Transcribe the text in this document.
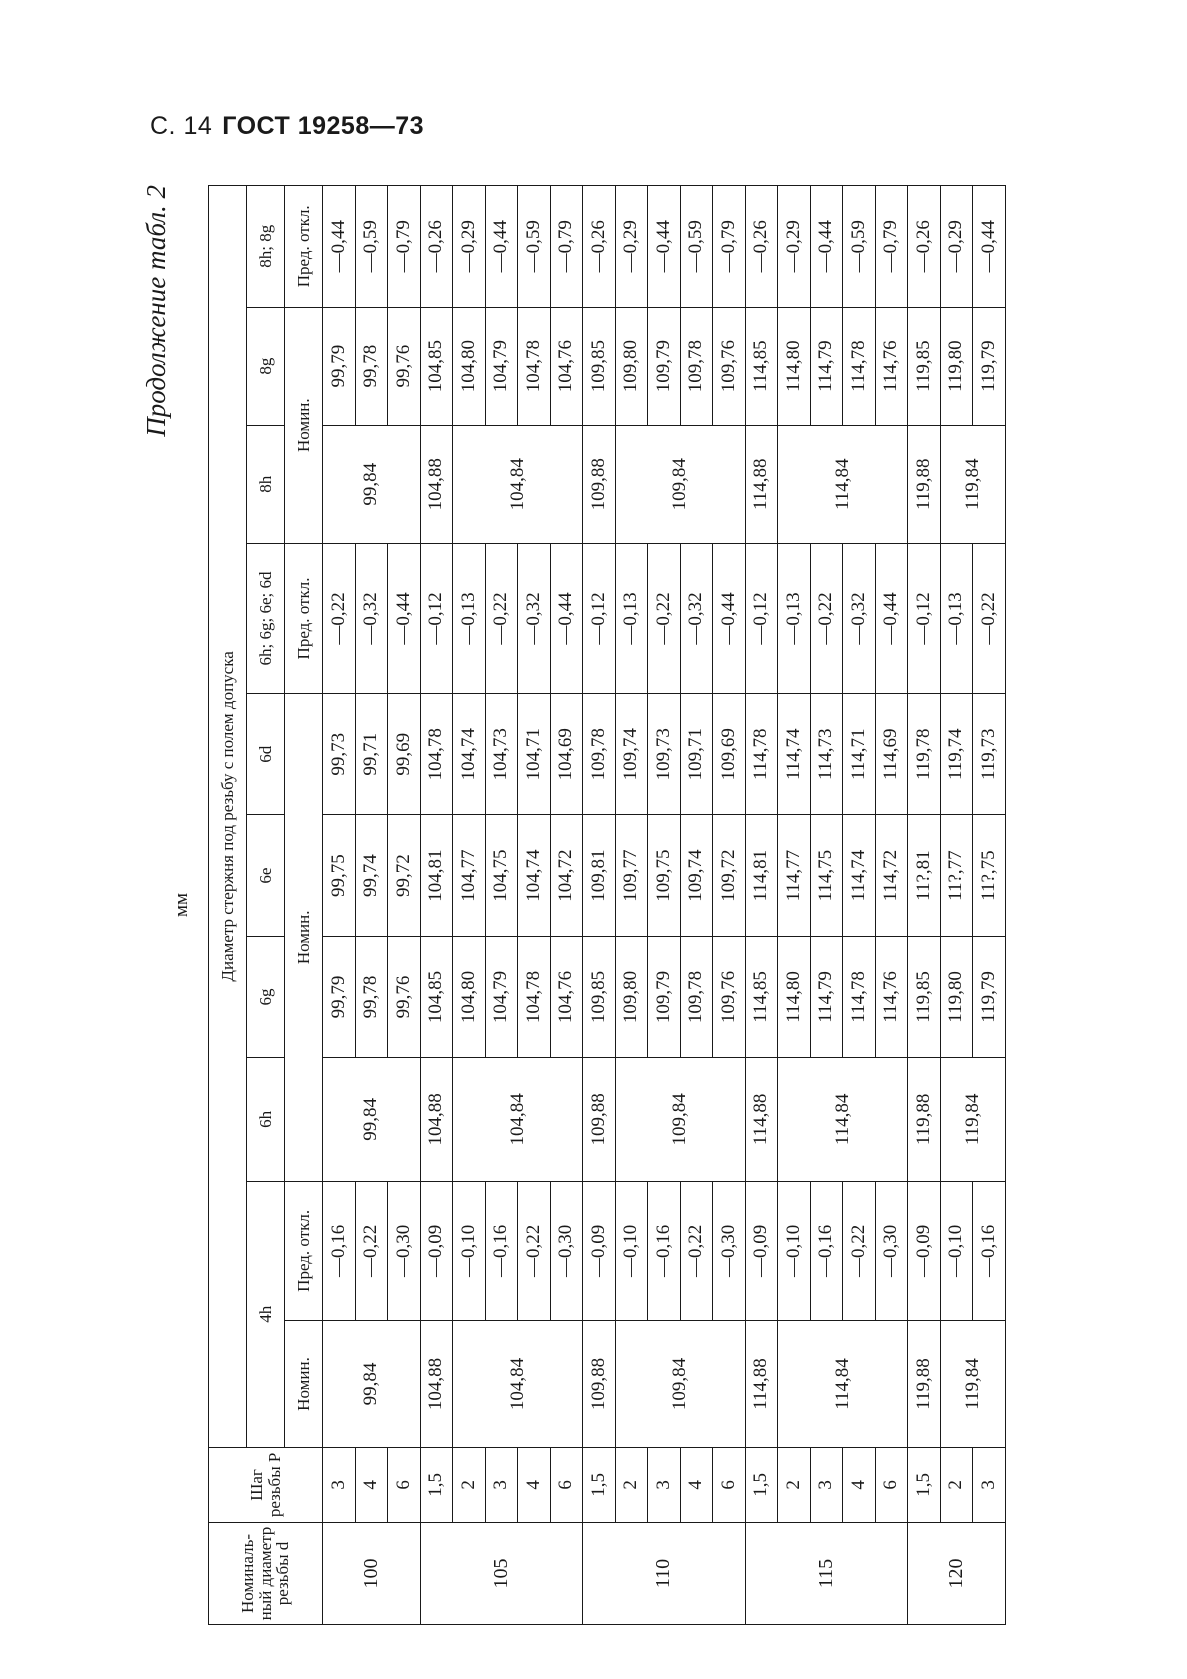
С. 14 ГОСТ 19258—73
Продолжение табл. 2
мм
Номиналь-ный диаметр резьбы d	Шаг резьбы P	Диаметр стержня под резьбу с полем допуска									
		4h		6h	6g	6e	6d	6h; 6g; 6e; 6d	8h	8g	8h; 8g
		Номин.	Пред. откл.	Номин.				Пред. откл.	Номин.		Пред. откл.
100	3	99,84	—0,16	99,84	99,79	99,75	99,73	—0,22	99,84	99,79	—0,44
	4		—0,22		99,78	99,74	99,71	—0,32		99,78	—0,59
	6		—0,30		99,76	99,72	99,69	—0,44		99,76	—0,79
105	1,5	104,88	—0,09	104,88	104,85	104,81	104,78	—0,12	104,88	104,85	—0,26
	2	104,84	—0,10	104,84	104,80	104,77	104,74	—0,13	104,84	104,80	—0,29
	3		—0,16		104,79	104,75	104,73	—0,22		104,79	—0,44
	4		—0,22		104,78	104,74	104,71	—0,32		104,78	—0,59
	6		—0,30		104,76	104,72	104,69	—0,44		104,76	—0,79
110	1,5	109,88	—0,09	109,88	109,85	109,81	109,78	—0,12	109,88	109,85	—0,26
	2	109,84	—0,10	109,84	109,80	109,77	109,74	—0,13	109,84	109,80	—0,29
	3		—0,16		109,79	109,75	109,73	—0,22		109,79	—0,44
	4		—0,22		109,78	109,74	109,71	—0,32		109,78	—0,59
	6		—0,30		109,76	109,72	109,69	—0,44		109,76	—0,79
115	1,5	114,88	—0,09	114,88	114,85	114,81	114,78	—0,12	114,88	114,85	—0,26
	2	114,84	—0,10	114,84	114,80	114,77	114,74	—0,13	114,84	114,80	—0,29
	3		—0,16		114,79	114,75	114,73	—0,22		114,79	—0,44
	4		—0,22		114,78	114,74	114,71	—0,32		114,78	—0,59
	6		—0,30		114,76	114,72	114,69	—0,44		114,76	—0,79
120	1,5	119,88	—0,09	119,88	119,85	11?,81	119,78	—0,12	119,88	119,85	—0,26
	2	119,84	—0,10	119,84	119,80	11?,77	119,74	—0,13	119,84	119,80	—0,29
	3		—0,16		119,79	11?,75	119,73	—0,22		119,79	—0,44
